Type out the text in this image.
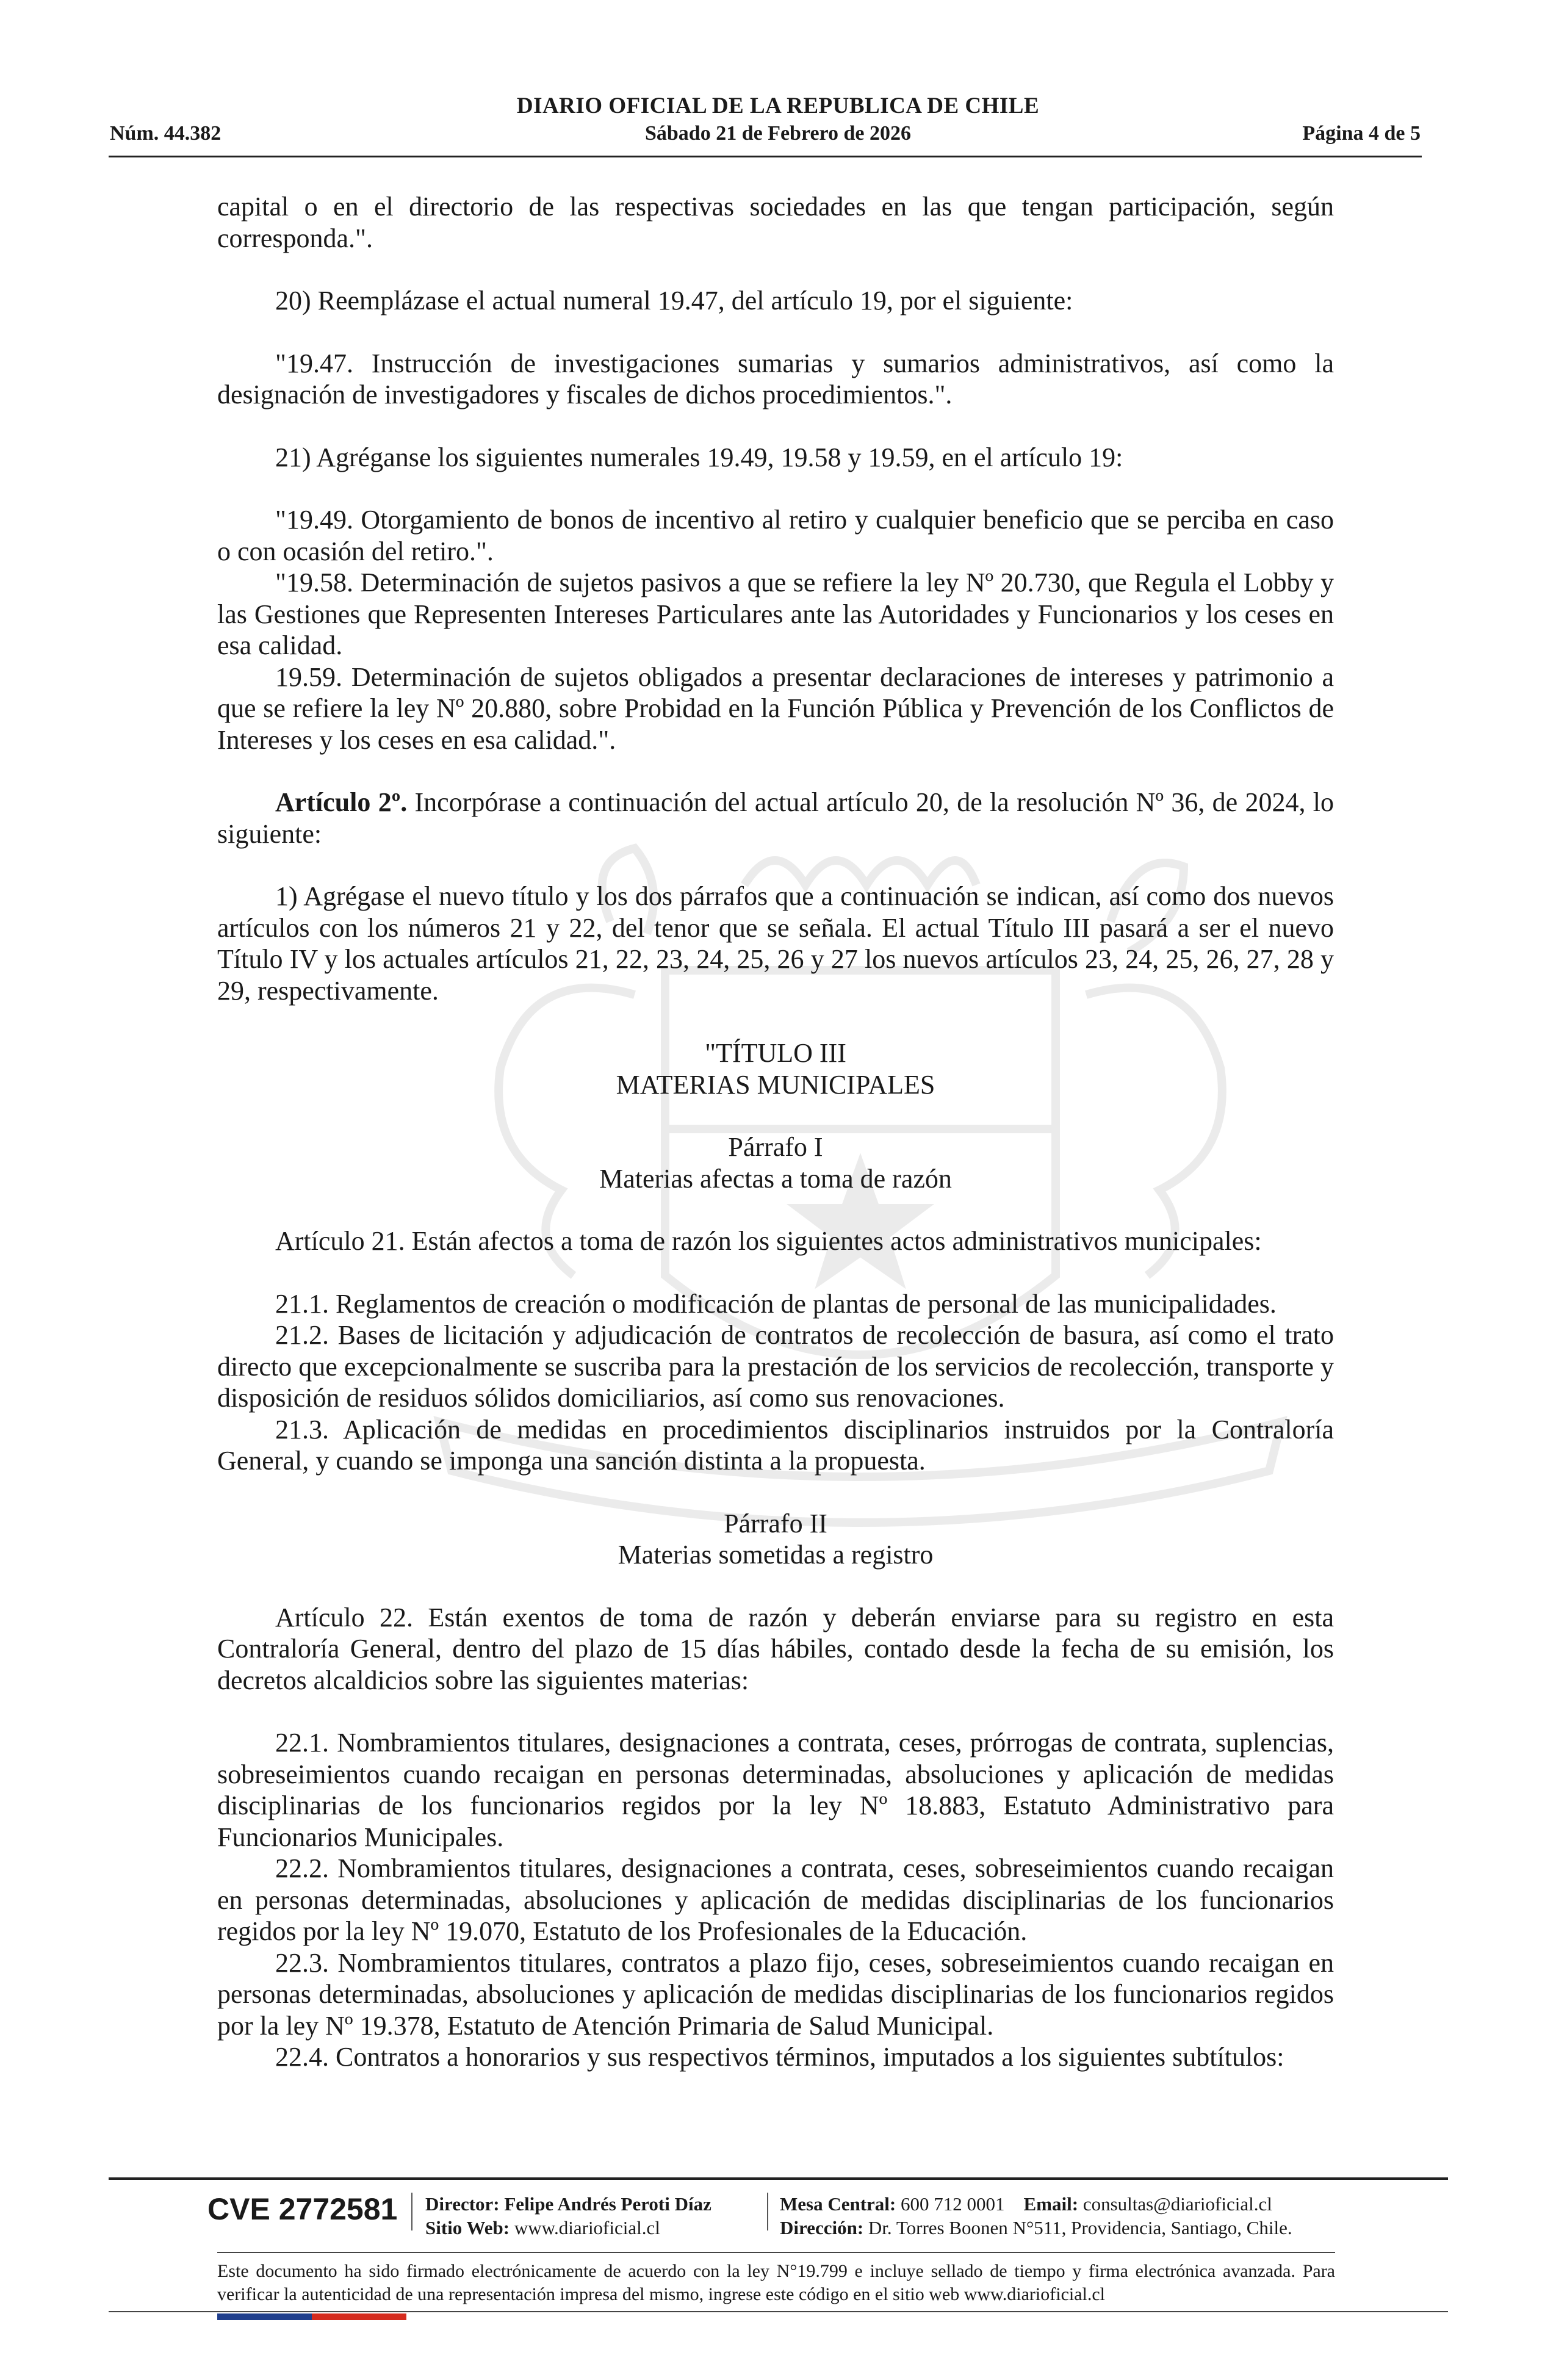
DIARIO OFICIAL DE LA REPUBLICA DE CHILE
Núm. 44.382	Sábado 21 de Febrero de 2026	Página 4 de 5

capital o en el directorio de las respectivas sociedades en las que tengan participación, según corresponda.".

20) Reemplázase el actual numeral 19.47, del artículo 19, por el siguiente:

"19.47. Instrucción de investigaciones sumarias y sumarios administrativos, así como la designación de investigadores y fiscales de dichos procedimientos.".

21) Agréganse los siguientes numerales 19.49, 19.58 y 19.59, en el artículo 19:

"19.49. Otorgamiento de bonos de incentivo al retiro y cualquier beneficio que se perciba en caso o con ocasión del retiro.".

"19.58. Determinación de sujetos pasivos a que se refiere la ley Nº 20.730, que Regula el Lobby y las Gestiones que Representen Intereses Particulares ante las Autoridades y Funcionarios y los ceses en esa calidad.

19.59. Determinación de sujetos obligados a presentar declaraciones de intereses y patrimonio a que se refiere la ley Nº 20.880, sobre Probidad en la Función Pública y Prevención de los Conflictos de Intereses y los ceses en esa calidad.".

Artículo 2º. Incorpórase a continuación del actual artículo 20, de la resolución Nº 36, de 2024, lo siguiente:

1) Agrégase el nuevo título y los dos párrafos que a continuación se indican, así como dos nuevos artículos con los números 21 y 22, del tenor que se señala. El actual Título III pasará a ser el nuevo Título IV y los actuales artículos 21, 22, 23, 24, 25, 26 y 27 los nuevos artículos 23, 24, 25, 26, 27, 28 y 29, respectivamente.

"TÍTULO III

MATERIAS MUNICIPALES

Párrafo I

Materias afectas a toma de razón

Artículo 21. Están afectos a toma de razón los siguientes actos administrativos municipales:

21.1. Reglamentos de creación o modificación de plantas de personal de las municipalidades.

21.2. Bases de licitación y adjudicación de contratos de recolección de basura, así como el trato directo que excepcionalmente se suscriba para la prestación de los servicios de recolección, transporte y disposición de residuos sólidos domiciliarios, así como sus renovaciones.

21.3. Aplicación de medidas en procedimientos disciplinarios instruidos por la Contraloría General, y cuando se imponga una sanción distinta a la propuesta.

Párrafo II

Materias sometidas a registro

Artículo 22. Están exentos de toma de razón y deberán enviarse para su registro en esta Contraloría General, dentro del plazo de 15 días hábiles, contado desde la fecha de su emisión, los decretos alcaldicios sobre las siguientes materias:

22.1. Nombramientos titulares, designaciones a contrata, ceses, prórrogas de contrata, suplencias, sobreseimientos cuando recaigan en personas determinadas, absoluciones y aplicación de medidas disciplinarias de los funcionarios regidos por la ley Nº 18.883, Estatuto Administrativo para Funcionarios Municipales.

22.2. Nombramientos titulares, designaciones a contrata, ceses, sobreseimientos cuando recaigan en personas determinadas, absoluciones y aplicación de medidas disciplinarias de los funcionarios regidos por la ley Nº 19.070, Estatuto de los Profesionales de la Educación.

22.3. Nombramientos titulares, contratos a plazo fijo, ceses, sobreseimientos cuando recaigan en personas determinadas, absoluciones y aplicación de medidas disciplinarias de los funcionarios regidos por la ley Nº 19.378, Estatuto de Atención Primaria de Salud Municipal.

22.4. Contratos a honorarios y sus respectivos términos, imputados a los siguientes subtítulos:

CVE 2772581 Director: Felipe Andrés Peroti Díaz
Sitio Web: www.diarioficial.cl
Mesa Central: 600 712 0001 Email: consultas@diarioficial.cl
Dirección: Dr. Torres Boonen N°511, Providencia, Santiago, Chile.
Este documento ha sido firmado electrónicamente de acuerdo con la ley N°19.799 e incluye sellado de tiempo y firma electrónica avanzada. Para verificar la autenticidad de una representación impresa del mismo, ingrese este código en el sitio web www.diarioficial.cl
